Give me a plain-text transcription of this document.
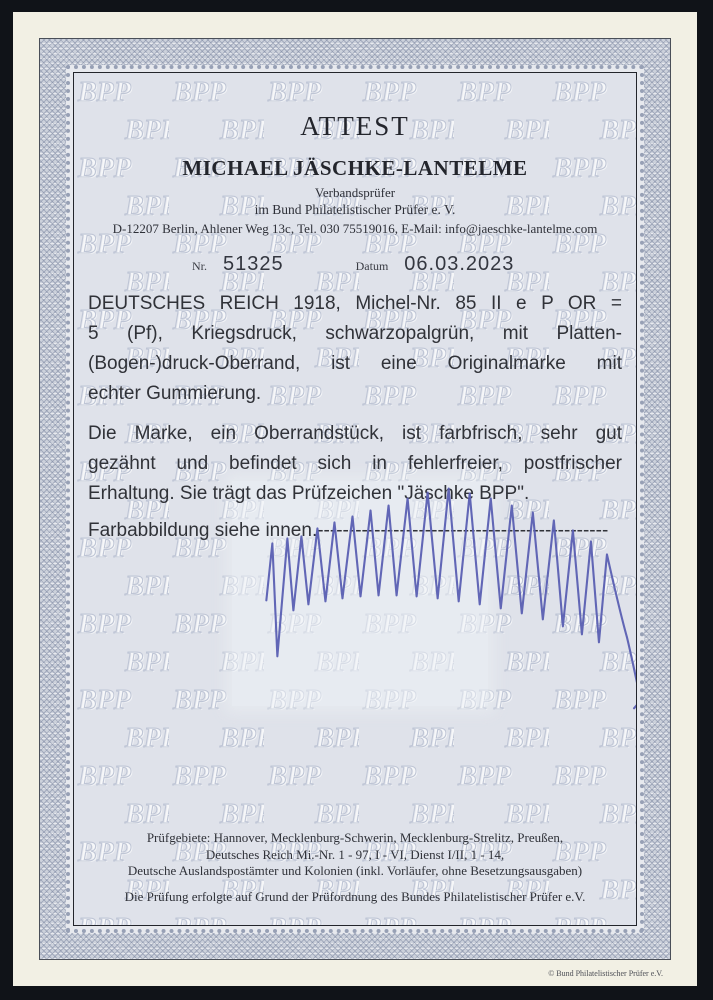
ATTEST
MICHAEL JÄSCHKE-LANTELME
Verbandsprüfer
im Bund Philatelistischer Prüfer e. V.
D-12207 Berlin, Ahlener Weg 13c, Tel. 030 75519016, E-Mail: info@jaeschke-lantelme.com
Nr. 51325	Datum 06.03.2023
DEUTSCHES REICH 1918, Michel-Nr. 85 II e P OR =
5 (Pf), Kriegsdruck, schwarzopalgrün, mit Platten-
(Bogen-)druck-Oberrand, ist eine Originalmarke mit
echter Gummierung.
Die Marke, ein Oberrandstück, ist farbfrisch, sehr gut
gezähnt und befindet sich in fehlerfreier, postfrischer
Erhaltung. Sie trägt das Prüfzeichen "Jäschke BPP".
Farbabbildung siehe innen.----------------------------------------------
Prüfgebiete: Hannover, Mecklenburg-Schwerin, Mecklenburg-Strelitz, Preußen,
Deutsches Reich Mi.-Nr. 1 - 97, I - VI, Dienst I/II, 1 - 14,
Deutsche Auslandspostämter und Kolonien (inkl. Vorläufer, ohne Besetzungsausgaben)
Die Prüfung erfolgte auf Grund der Prüfordnung des Bundes Philatelistischer Prüfer e.V.
© Bund Philatelistischer Prüfer e.V.
